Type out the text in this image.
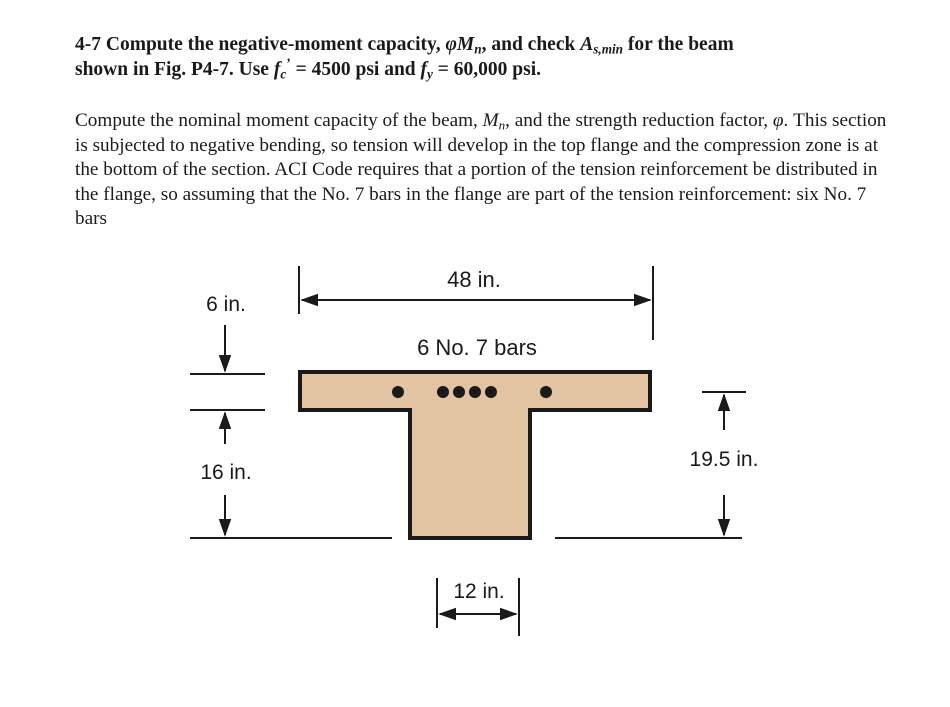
4-7 Compute the negative-moment capacity, $\varphi M_n$, and check $A_{s,min}$ for the beam
shown in Fig. P4-7. Use $f_c^’ = 4500$ psi and $f_y = 60,000$ psi.

Compute the nominal moment capacity of the beam, $M_n$, and the strength reduction factor, φ. This section is subjected to negative bending, so tension will develop in the top flange and the compression zone is at the bottom of the section. ACI Code requires that a portion of the tension reinforcement be distributed in the flange, so assuming that the No. 7 bars in the flange are part of the tension reinforcement: six No. 7 bars

48 in.
6 No. 7 bars
6 in.
16 in.
19.5 in.
12 in.
